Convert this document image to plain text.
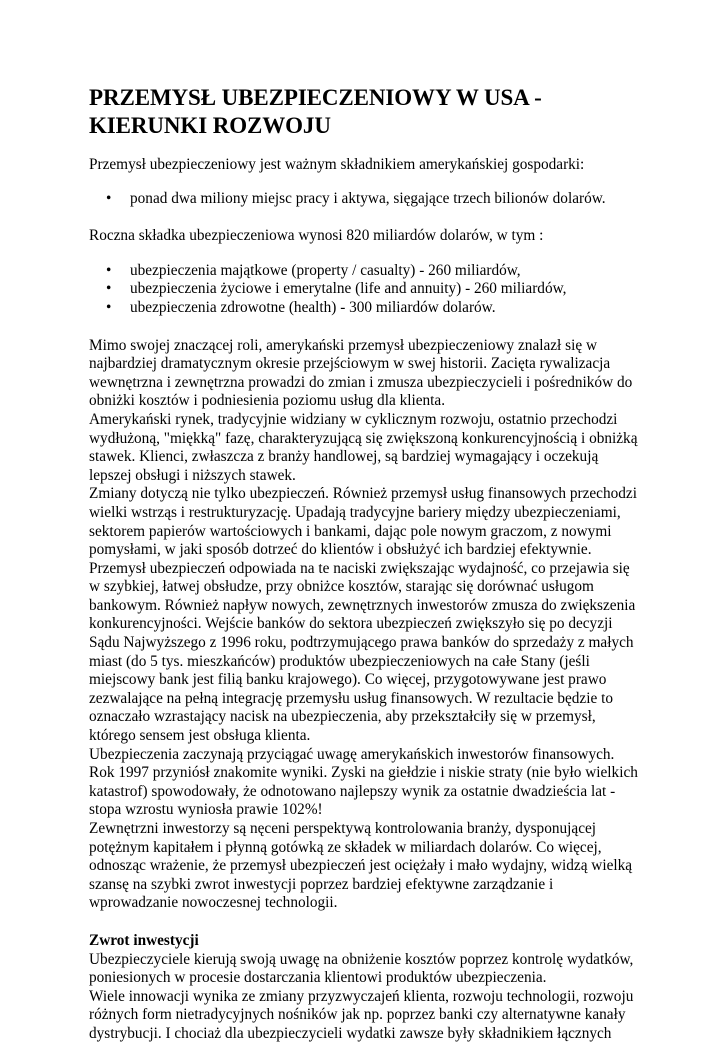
PRZEMYSŁ UBEZPIECZENIOWY W USA -
KIERUNKI ROZWOJU

Przemysł ubezpieczeniowy jest ważnym składnikiem amerykańskiej gospodarki:

• ponad dwa miliony miejsc pracy i aktywa, sięgające trzech bilionów dolarów.

Roczna składka ubezpieczeniowa wynosi 820 miliardów dolarów, w tym :

• ubezpieczenia majątkowe (property / casualty) - 260 miliardów,
• ubezpieczenia życiowe i emerytalne (life and annuity) - 260 miliardów,
• ubezpieczenia zdrowotne (health) - 300 miliardów dolarów.

Mimo swojej znaczącej roli, amerykański przemysł ubezpieczeniowy znalazł się w najbardziej dramatycznym okresie przejściowym w swej historii. Zacięta rywalizacja wewnętrzna i zewnętrzna prowadzi do zmian i zmusza ubezpieczycieli i pośredników do obniżki kosztów i podniesienia poziomu usług dla klienta.

Amerykański rynek, tradycyjnie widziany w cyklicznym rozwoju, ostatnio przechodzi wydłużoną, "miękką" fazę, charakteryzującą się zwiększoną konkurencyjnością i obniżką stawek. Klienci, zwłaszcza z branży handlowej, są bardziej wymagający i oczekują lepszej obsługi i niższych stawek.

Zmiany dotyczą nie tylko ubezpieczeń. Również przemysł usług finansowych przechodzi wielki wstrząs i restrukturyzację. Upadają tradycyjne bariery między ubezpieczeniami, sektorem papierów wartościowych i bankami, dając pole nowym graczom, z nowymi pomysłami, w jaki sposób dotrzeć do klientów i obsłużyć ich bardziej efektywnie.

Przemysł ubezpieczeń odpowiada na te naciski zwiększając wydajność, co przejawia się w szybkiej, łatwej obsłudze, przy obniżce kosztów, starając się dorównać usługom bankowym. Również napływ nowych, zewnętrznych inwestorów zmusza do zwiększenia konkurencyjności. Wejście banków do sektora ubezpieczeń zwiększyło się po decyzji Sądu Najwyższego z 1996 roku, podtrzymującego prawa banków do sprzedaży z małych miast (do 5 tys. mieszkańców) produktów ubezpieczeniowych na całe Stany (jeśli miejscowy bank jest filią banku krajowego). Co więcej, przygotowywane jest prawo zezwalające na pełną integrację przemysłu usług finansowych. W rezultacie będzie to oznaczało wzrastający nacisk na ubezpieczenia, aby przekształciły się w przemysł, którego sensem jest obsługa klienta.

Ubezpieczenia zaczynają przyciągać uwagę amerykańskich inwestorów finansowych. Rok 1997 przyniósł znakomite wyniki. Zyski na giełdzie i niskie straty (nie było wielkich katastrof) spowodowały, że odnotowano najlepszy wynik za ostatnie dwadzieścia lat - stopa wzrostu wyniosła prawie 102%!

Zewnętrzni inwestorzy są nęceni perspektywą kontrolowania branży, dysponującej potężnym kapitałem i płynną gotówką ze składek w miliardach dolarów. Co więcej, odnosząc wrażenie, że przemysł ubezpieczeń jest ociężały i mało wydajny, widzą wielką szansę na szybki zwrot inwestycji poprzez bardziej efektywne zarządzanie i wprowadzanie nowoczesnej technologii.

Zwrot inwestycji

Ubezpieczyciele kierują swoją uwagę na obniżenie kosztów poprzez kontrolę wydatków, poniesionych w procesie dostarczania klientowi produktów ubezpieczenia.

Wiele innowacji wynika ze zmiany przyzwyczajeń klienta, rozwoju technologii, rozwoju różnych form nietradycyjnych nośników jak np. poprzez banki czy alternatywne kanały dystrybucji. I chociaż dla ubezpieczycieli wydatki zawsze były składnikiem łącznych
